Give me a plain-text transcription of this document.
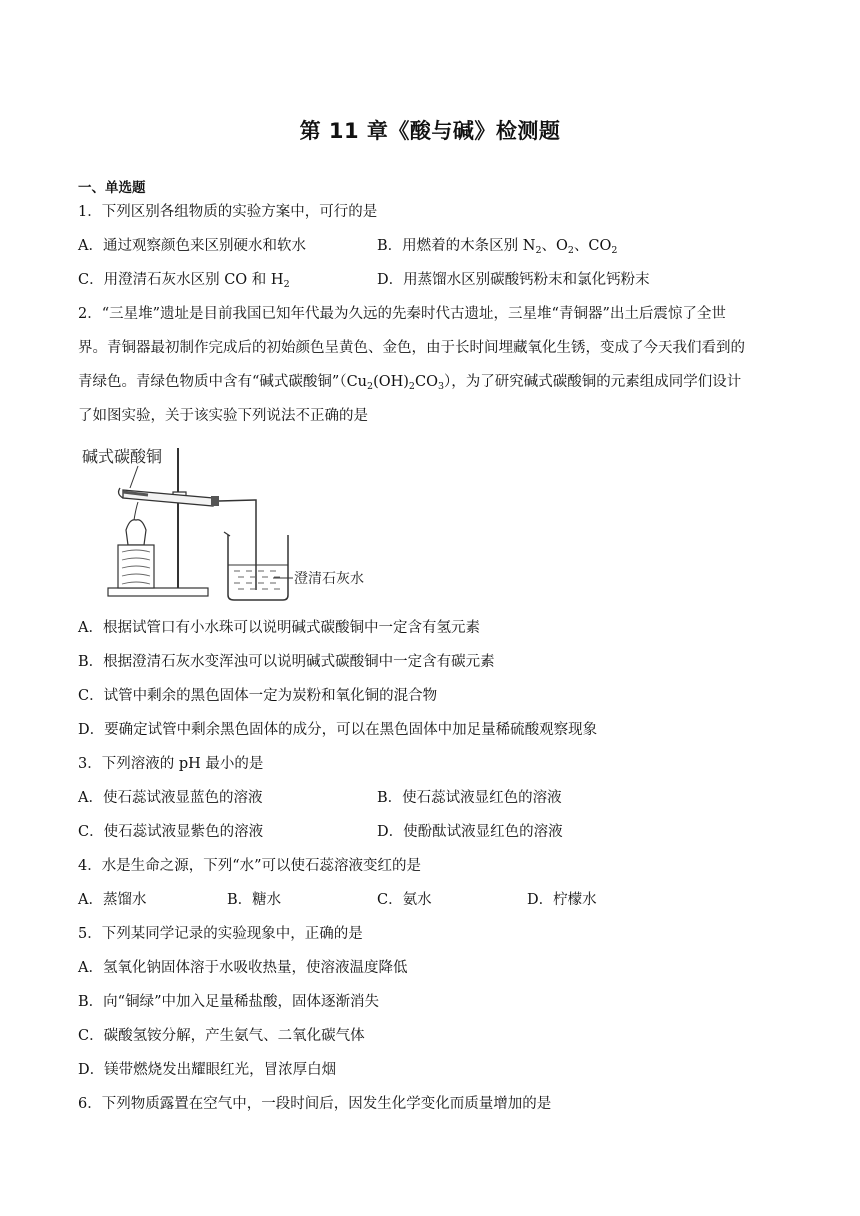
第 11 章《酸与碱》检测题
一、单选题
1．下列区别各组物质的实验方案中，可行的是
A．通过观察颜色来区别硬水和软水	B．用燃着的木条区别 $N_2$、$O_2$、$CO_2$
C．用澄清石灰水区别 CO 和 $H_2$	D．用蒸馏水区别碳酸钙粉末和氯化钙粉末
2．“三星堆”遗址是目前我国已知年代最为久远的先秦时代古遗址，三星堆“青铜器”出土后震惊了全世
界。青铜器最初制作完成后的初始颜色呈黄色、金色，由于长时间埋藏氧化生锈，变成了今天我们看到的
青绿色。青绿色物质中含有“碱式碳酸铜$”(Cu_2(OH)_2CO_3)$，为了研究碱式碳酸铜的元素组成同学们设计
了如图实验，关于该实验下列说法不正确的是
碱式碳酸铜
澄清石灰水
A．根据试管口有小水珠可以说明碱式碳酸铜中一定含有氢元素
B．根据澄清石灰水变浑浊可以说明碱式碳酸铜中一定含有碳元素
C．试管中剩余的黑色固体一定为炭粉和氧化铜的混合物
D．要确定试管中剩余黑色固体的成分，可以在黑色固体中加足量稀硫酸观察现象
3．下列溶液的 pH 最小的是
A．使石蕊试液显蓝色的溶液	B．使石蕊试液显红色的溶液
C．使石蕊试液显紫色的溶液	D．使酚酞试液显红色的溶液
4．水是生命之源，下列“水”可以使石蕊溶液变红的是
A．蒸馏水	B．糖水	C．氨水	D．柠檬水
5．下列某同学记录的实验现象中，正确的是
A．氢氧化钠固体溶于水吸收热量，使溶液温度降低
B．向“铜绿”中加入足量稀盐酸，固体逐渐消失
C．碳酸氢铵分解，产生氨气、二氧化碳气体
D．镁带燃烧发出耀眼红光，冒浓厚白烟
6．下列物质露置在空气中，一段时间后，因发生化学变化而质量增加的是
